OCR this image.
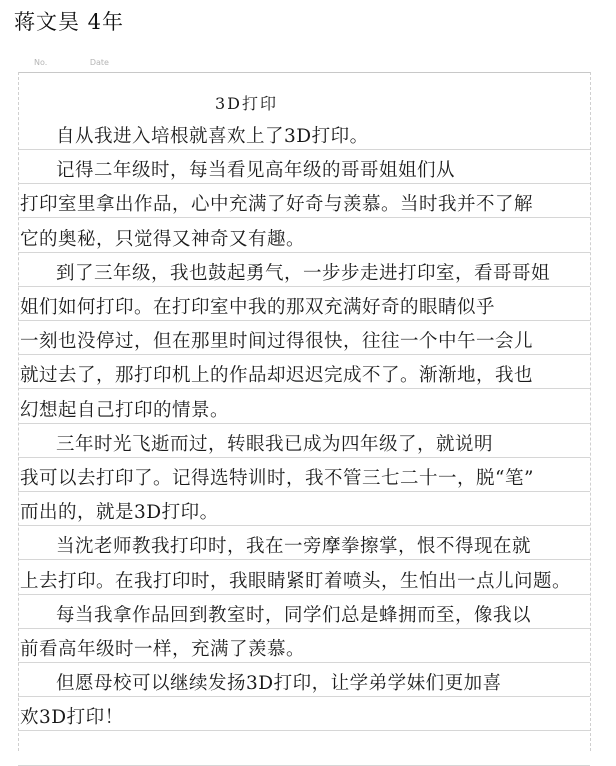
蒋文昊 4年
No.	Date
3D打印
自从我进入培根就喜欢上了3D打印。
记得二年级时，每当看见高年级的哥哥姐姐们从
打印室里拿出作品，心中充满了好奇与羡慕。当时我并不了解
它的奥秘，只觉得又神奇又有趣。
到了三年级，我也鼓起勇气，一步步走进打印室，看哥哥姐
姐们如何打印。在打印室中我的那双充满好奇的眼睛似乎
一刻也没停过，但在那里时间过得很快，往往一个中午一会儿
就过去了，那打印机上的作品却迟迟完成不了。渐渐地，我也
幻想起自己打印的情景。
三年时光飞逝而过，转眼我已成为四年级了，就说明
我可以去打印了。记得选特训时，我不管三七二十一，脱“笔”
而出的，就是3D打印。
当沈老师教我打印时，我在一旁摩拳擦掌，恨不得现在就
上去打印。在我打印时，我眼睛紧盯着喷头，生怕出一点儿问题。
每当我拿作品回到教室时，同学们总是蜂拥而至，像我以
前看高年级时一样，充满了羡慕。
但愿母校可以继续发扬3D打印，让学弟学妹们更加喜
欢3D打印！
